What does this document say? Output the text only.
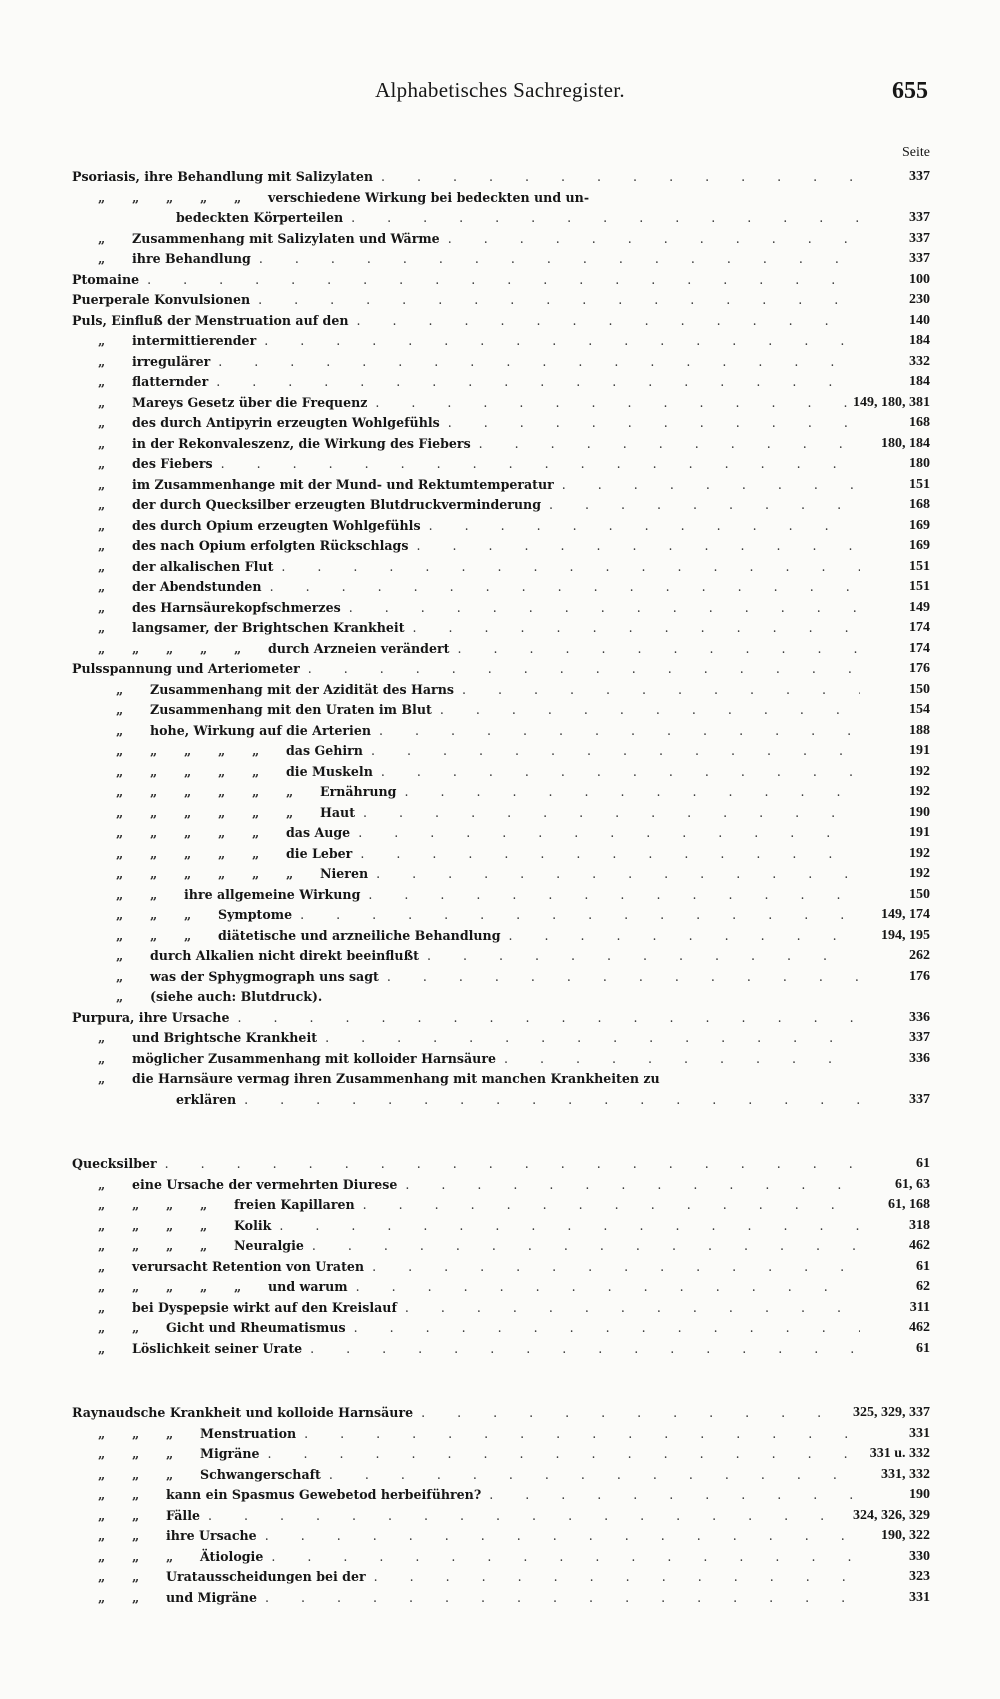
Alphabetisches Sachregister.	655
Seite
Psoriasis, ihre Behandlung mit Salizylaten . . .	337
„ „ „ „ „ verschiedene Wirkung bei bedeckten und un-
bedeckten Körperteilen . . .	337
„ Zusammenhang mit Salizylaten und Wärme . . .	337
„ ihre Behandlung . . .	337
Ptomaine . . .	100
Puerperale Konvulsionen . . .	230
Puls, Einfluß der Menstruation auf den . . .	140
„ intermittierender . . .	184
„ irregulärer . . .	332
„ flatternder . . .	184
„ Mareys Gesetz über die Frequenz . . .	149, 180, 381
„ des durch Antipyrin erzeugten Wohlgefühls . . .	168
„ in der Rekonvaleszenz, die Wirkung des Fiebers . . .	180, 184
„ des Fiebers . . .	180
„ im Zusammenhange mit der Mund- und Rektumtemperatur . . .	151
„ der durch Quecksilber erzeugten Blutdruckverminderung . . .	168
„ des durch Opium erzeugten Wohlgefühls . . .	169
„ des nach Opium erfolgten Rückschlags . . .	169
„ der alkalischen Flut . . .	151
„ der Abendstunden . . .	151
„ des Harnsäurekopfschmerzes . . .	149
„ langsamer, der Brightschen Krankheit . . .	174
„ „ „ „ „ durch Arzneien verändert . . .	174
Pulsspannung und Arteriometer . . .	176
„ Zusammenhang mit der Azidität des Harns . . .	150
„ Zusammenhang mit den Uraten im Blut . . .	154
„ hohe, Wirkung auf die Arterien . . .	188
„ „ „ „ „ das Gehirn . . .	191
„ „ „ „ „ die Muskeln . . .	192
„ „ „ „ „ „ Ernährung . . .	192
„ „ „ „ „ „ Haut . . .	190
„ „ „ „ „ das Auge . . .	191
„ „ „ „ „ die Leber . . .	192
„ „ „ „ „ „ Nieren . . .	192
„ „ ihre allgemeine Wirkung . . .	150
„ „ „ Symptome . . .	149, 174
„ „ „ diätetische und arzneiliche Behandlung . . .	194, 195
„ durch Alkalien nicht direkt beeinflußt . . .	262
„ was der Sphygmograph uns sagt . . .	176
„ (siehe auch: Blutdruck).
Purpura, ihre Ursache . . .	336
„ und Brightsche Krankheit . . .	337
„ möglicher Zusammenhang mit kolloider Harnsäure . . .	336
„ die Harnsäure vermag ihren Zusammenhang mit manchen Krankheiten zu
erklären . . .	337
Quecksilber . . .	61
„ eine Ursache der vermehrten Diurese . . .	61, 63
„ „ „ „ freien Kapillaren . . .	61, 168
„ „ „ „ Kolik . . .	318
„ „ „ „ Neuralgie . . .	462
„ verursacht Retention von Uraten . . .	61
„ „ „ „ „ und warum . . .	62
„ bei Dyspepsie wirkt auf den Kreislauf . . .	311
„ „ Gicht und Rheumatismus . . .	462
„ Löslichkeit seiner Urate . . .	61
Raynaudsche Krankheit und kolloide Harnsäure . . .	325, 329, 337
„ „ „ Menstruation . . .	331
„ „ „ Migräne . . .	331 u. 332
„ „ „ Schwangerschaft . . .	331, 332
„ „ kann ein Spasmus Gewebetod herbeiführen? . . .	190
„ „ Fälle . . .	324, 326, 329
„ „ ihre Ursache . . .	190, 322
„ „ „ Ätiologie . . .	330
„ „ Uratausscheidungen bei der . . .	323
„ „ und Migräne . . .	331
